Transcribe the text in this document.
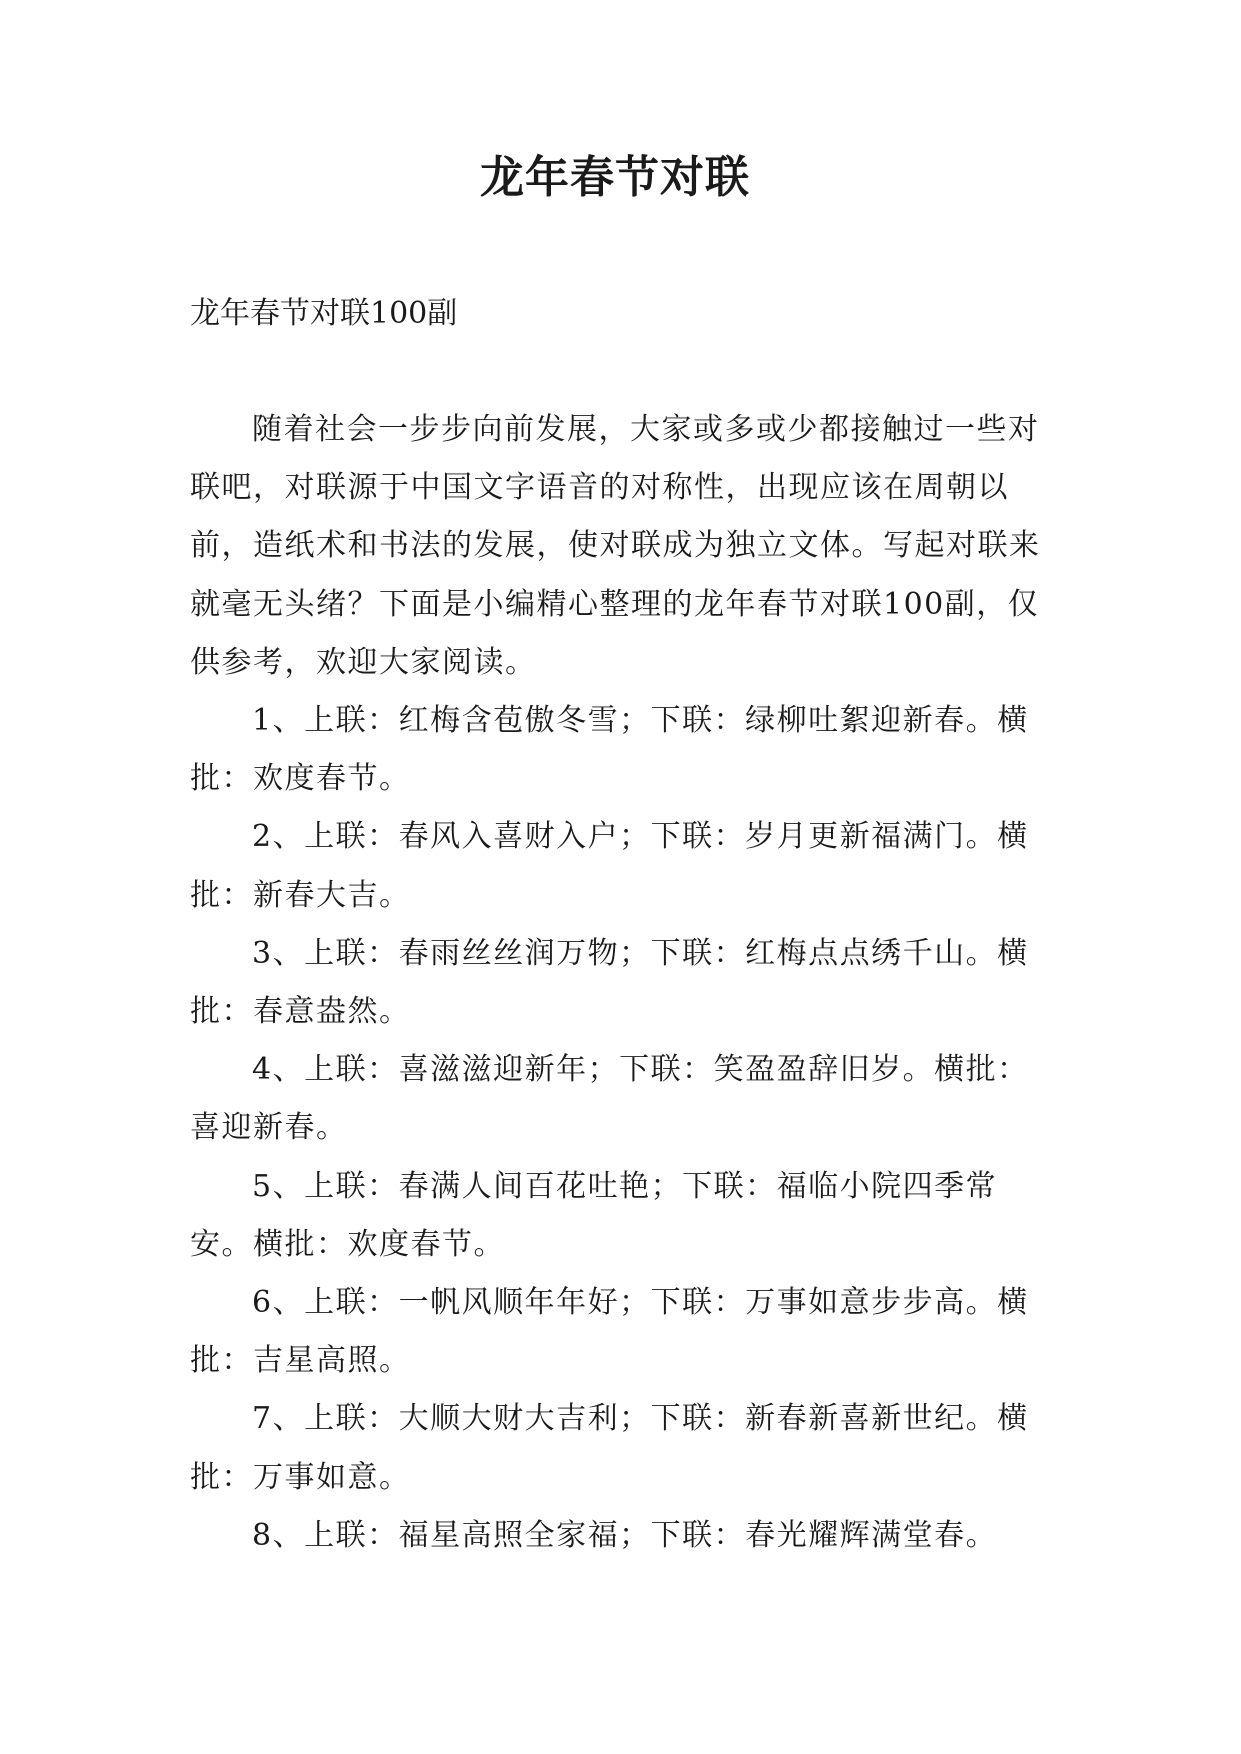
龙年春节对联
龙年春节对联100副

随着社会一步步向前发展，大家或多或少都接触过一些对联吧，对联源于中国文字语音的对称性，出现应该在周朝以前，造纸术和书法的发展，使对联成为独立文体。写起对联来就毫无头绪？下面是小编精心整理的龙年春节对联100副，仅供参考，欢迎大家阅读。

1、上联：红梅含苞傲冬雪；下联：绿柳吐絮迎新春。横批：欢度春节。

2、上联：春风入喜财入户；下联：岁月更新福满门。横批：新春大吉。

3、上联：春雨丝丝润万物；下联：红梅点点绣千山。横批：春意盎然。

4、上联：喜滋滋迎新年；下联：笑盈盈辞旧岁。横批：喜迎新春。

5、上联：春满人间百花吐艳；下联：福临小院四季常安。横批：欢度春节。

6、上联：一帆风顺年年好；下联：万事如意步步高。横批：吉星高照。

7、上联：大顺大财大吉利；下联：新春新喜新世纪。横批：万事如意。

8、上联：福星高照全家福；下联：春光耀辉满堂春。
